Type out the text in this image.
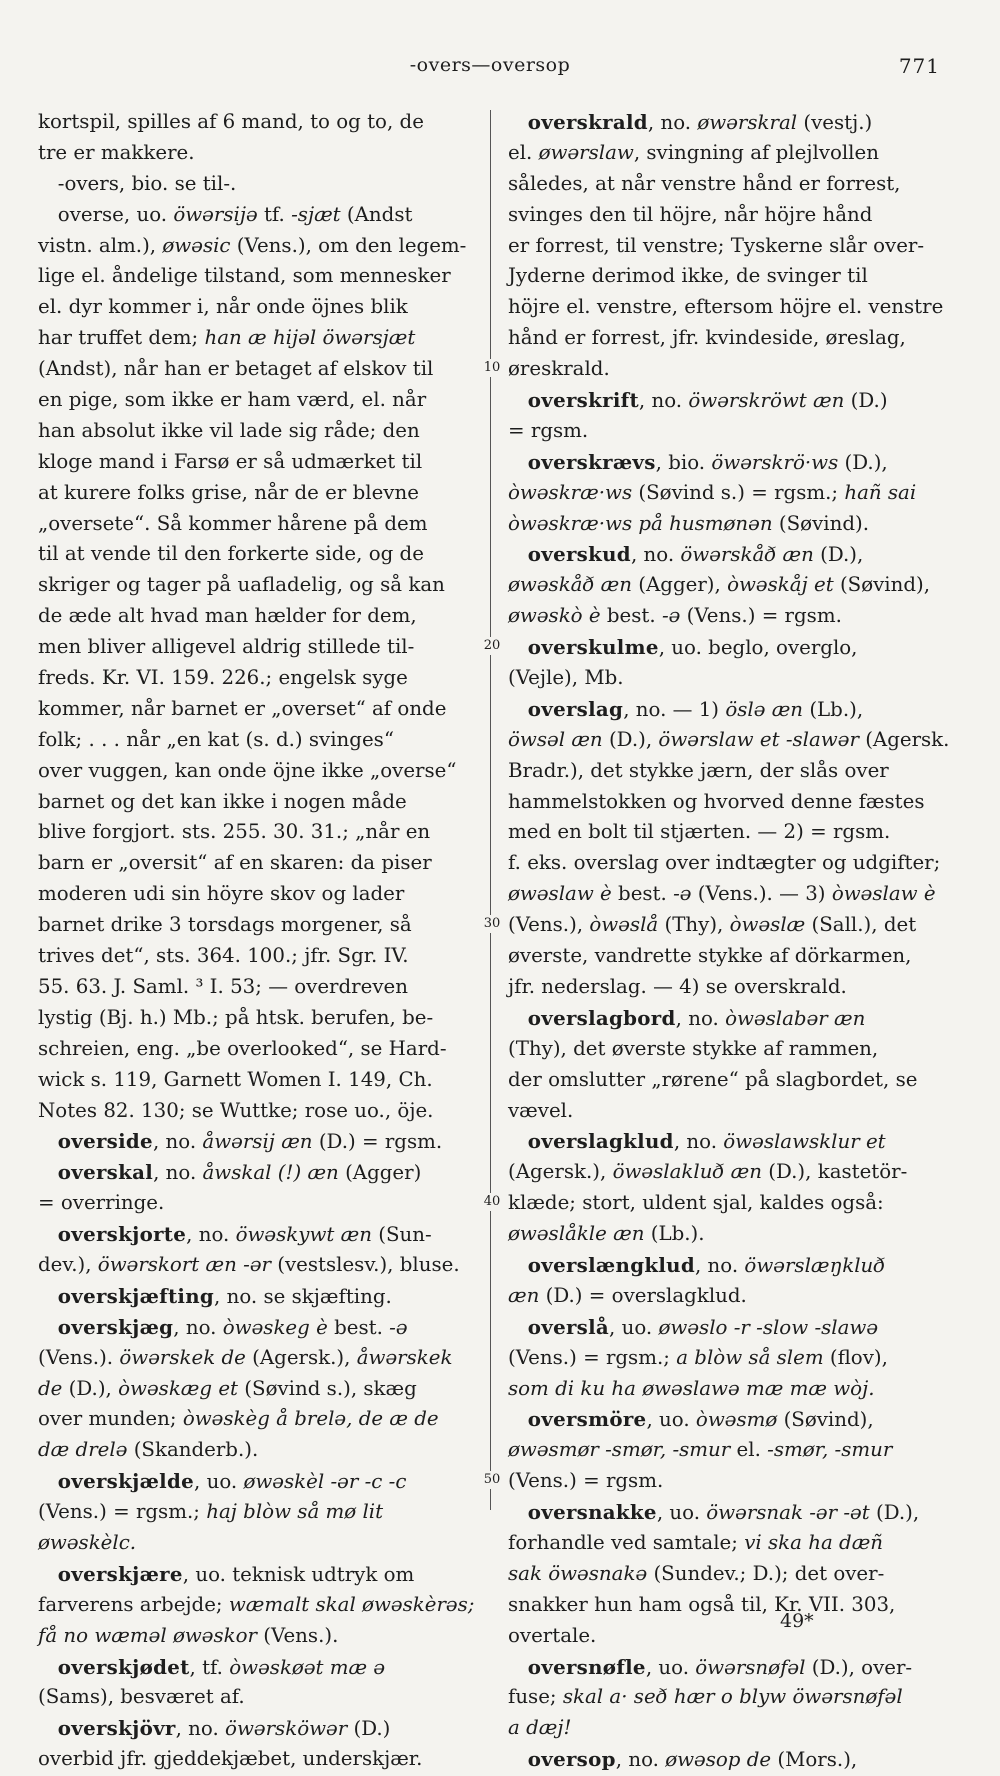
-overs—oversop	771
kortspil, spilles af 6 mand, to og to, de
tre er makkere.
 -overs, bio. se til-.
 overse, uo. öwərsijə tf. -sjæt (Andst
vistn. alm.), øwəsic (Vens.), om den legem-
lige el. åndelige tilstand, som mennesker
el. dyr kommer i, når onde öjnes blik
har truffet dem; han æ hijəl öwərsjæt
(Andst), når han er betaget af elskov til
en pige, som ikke er ham værd, el. når
han absolut ikke vil lade sig råde; den
kloge mand i Farsø er så udmærket til
at kurere folks grise, når de er blevne
„oversete“. Så kommer hårene på dem
til at vende til den forkerte side, og de
skriger og tager på uafladelig, og så kan
de æde alt hvad man hælder for dem,
men bliver alligevel aldrig stillede til-
freds. Kr. VI. 159. 226.; engelsk syge
kommer, når barnet er „overset“ af onde
folk; . . . når „en kat (s. d.) svinges“
over vuggen, kan onde öjne ikke „overse“
barnet og det kan ikke i nogen måde
blive forgjort. sts. 255. 30. 31.; „når en
barn er „oversit“ af en skaren: da piser
moderen udi sin höyre skov og lader
barnet drike 3 torsdags morgener, så
trives det“, sts. 364. 100.; jfr. Sgr. IV.
55. 63. J. Saml. ³ I. 53; — overdreven
lystig (Bj. h.) Mb.; på htsk. berufen, be-
schreien, eng. „be overlooked“, se Hard-
wick s. 119, Garnett Women I. 149, Ch.
Notes 82. 130; se Wuttke; rose uo., öje.
 overside, no. åwərsij æn (D.) = rgsm.
 overskal, no. åwskal (!) æn (Agger)
= overringe.
 overskjorte, no. öwəskywt æn (Sun-
dev.), öwərskort æn -ər (vestslesv.), bluse.
 overskjæfting, no. se skjæfting.
 overskjæg, no. òwəskeg è best. -ə
(Vens.). öwərskek de (Agersk.), åwərskek
de (D.), òwəskæg et (Søvind s.), skæg
over munden; òwəskèg å brelə, de æ de
dæ drelə (Skanderb.).
 overskjælde, uo. øwəskèl -ər -c -c
(Vens.) = rgsm.; haj blòw så mø lit
øwəskèlc.
 overskjære, uo. teknisk udtryk om
farverens arbejde; wæmalt skal øwəskèrəs;
få no wæməl øwəskor (Vens.).
 overskjødet, tf. òwəskøət mæ ə
(Sams), besværet af.
 overskjövr, no. öwərsköwər (D.)
overbid jfr. gjeddekjæbet, underskjær.
 overskrald, no. øwərskral (vestj.)
el. øwərslaw, svingning af plejlvollen
således, at når venstre hånd er forrest,
svinges den til höjre, når höjre hånd
er forrest, til venstre; Tyskerne slår over-
Jyderne derimod ikke, de svinger til
höjre el. venstre, eftersom höjre el. venstre
hånd er forrest, jfr. kvindeside, øreslag,
øreskrald.
 overskrift, no. öwərskröwt æn (D.)
= rgsm.
 overskrævs, bio. öwərskrö·ws (D.),
òwəskræ·ws (Søvind s.) = rgsm.; hañ sai
òwəskræ·ws på husmønən (Søvind).
 overskud, no. öwərskåð æn (D.),
øwəskåð æn (Agger), òwəskåj et (Søvind),
øwəskò è best. -ə (Vens.) = rgsm.
 overskulme, uo. beglo, overglo,
(Vejle), Mb.
 overslag, no. — 1) öslə æn (Lb.),
öwsəl æn (D.), öwərslaw et -slawər (Agersk.
Bradr.), det stykke jærn, der slås over
hammelstokken og hvorved denne fæstes
med en bolt til stjærten. — 2) = rgsm.
f. eks. overslag over indtægter og udgifter;
øwəslaw è best. -ə (Vens.). — 3) òwəslaw è
(Vens.), òwəslå (Thy), òwəslæ (Sall.), det
øverste, vandrette stykke af dörkarmen,
jfr. nederslag. — 4) se overskrald.
 overslagbord, no. òwəslabər æn
(Thy), det øverste stykke af rammen,
der omslutter „rørene“ på slagbordet, se
vævel.
 overslagklud, no. öwəslawsklur et
(Agersk.), öwəslakluð æn (D.), kastetör-
klæde; stort, uldent sjal, kaldes også:
øwəslåkle æn (Lb.).
 overslængklud, no. öwərslæŋkluð
æn (D.) = overslagklud.
 overslå, uo. øwəslo -r -slow -slawə
(Vens.) = rgsm.; a blòw så slem (flov),
som di ku ha øwəslawə mæ mæ wòj.
 oversmöre, uo. òwəsmø (Søvind),
øwəsmør -smør, -smur el. -smør, -smur
(Vens.) = rgsm.
 oversnakke, uo. öwərsnak -ər -ət (D.),
forhandle ved samtale; vi ska ha dæñ
sak öwəsnakə (Sundev.; D.); det over-
snakker hun ham også til, Kr. VII. 303,
overtale.
 oversnøfle, uo. öwərsnøfəl (D.), over-
fuse; skal a· seð hær o blyw öwərsnøfəl
a dæj!
 oversop, no. øwəsop de (Mors.),
10
20
30
40
50
49*
